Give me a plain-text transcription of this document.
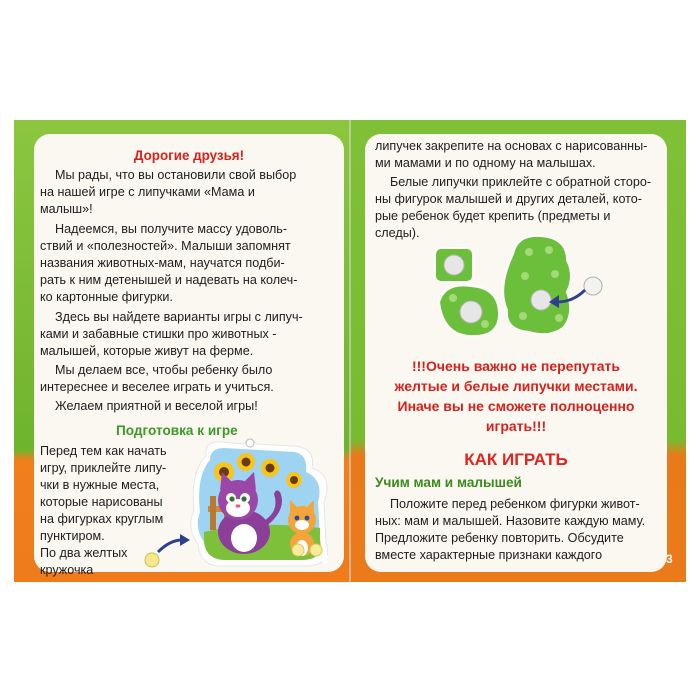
Дорогие друзья!
Мы рады, что вы остановили свой выбор
на нашей игре с липучками «Мама и
малыш»!
Надеемся, вы получите массу удоволь-
ствий и «полезностей». Малыши запомнят
названия животных-мам, научатся подби-
рать к ним детенышей и надевать на колеч-
ко картонные фигурки.
Здесь вы найдете варианты игры с липуч-
ками и забавные стишки про животных -
малышей, которые живут на ферме.
Мы делаем все, чтобы ребенку было
интереснее и веселее играть и учиться.
Желаем приятной и веселой игры!
Подготовка к игре
Перед тем как начать
игру, приклейте липу-
чки в нужные места,
которые нарисованы
на фигурках круглым
пунктиром.
По два желтых
кружочка
2
липучек закрепите на основах с нарисованны-
ми мамами и по одному на малышах.
Белые липучки приклейте с обратной сторо-
ны фигурок малышей и других деталей, кото-
рые ребенок будет крепить (предметы и
следы).
!!!Очень важно не перепутать
желтые и белые липучки местами.
Иначе вы не сможете полноценно
играть!!!
КАК ИГРАТЬ
Учим мам и малышей
Положите перед ребенком фигурки живот-
ных: мам и малышей. Назовите каждую маму.
Предложите ребенку повторить. Обсудите
вместе характерные признаки каждого	3
